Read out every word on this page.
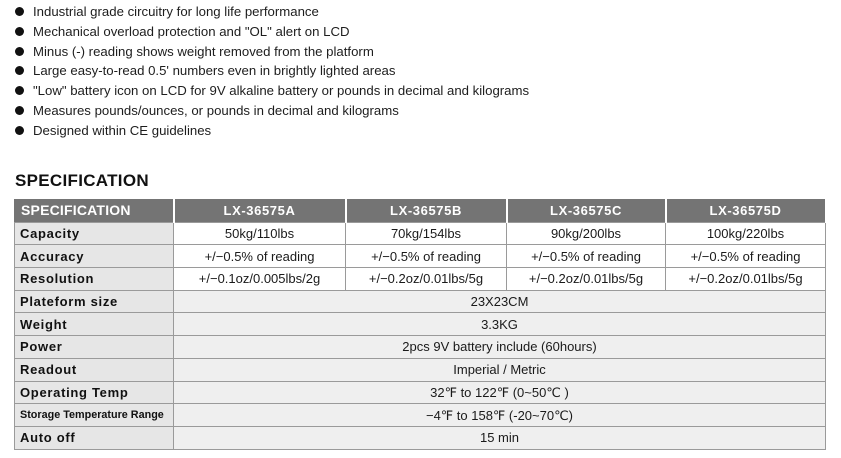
Industrial grade circuitry for long life performance
Mechanical overload protection and "OL" alert on LCD
Minus (-) reading shows weight removed from the platform
Large easy-to-read 0.5' numbers even in brightly lighted areas
"Low" battery icon on LCD for 9V alkaline battery or pounds in decimal and kilograms
Measures pounds/ounces, or pounds in decimal and kilograms
Designed within CE guidelines
SPECIFICATION
SPECIFICATION	LX-36575A	LX-36575B	LX-36575C	LX-36575D
Capacity	50kg/110lbs	70kg/154lbs	90kg/200lbs	100kg/220lbs
Accuracy	+/−0.5% of reading	+/−0.5% of reading	+/−0.5% of reading	+/−0.5% of reading
Resolution	+/−0.1oz/0.005lbs/2g	+/−0.2oz/0.01lbs/5g	+/−0.2oz/0.01lbs/5g	+/−0.2oz/0.01lbs/5g
Plateform size	23X23CM			
Weight	3.3KG			
Power	2pcs 9V battery include (60hours)			
Readout	Imperial / Metric			
Operating Temp	32℉ to 122℉ (0~50℃ )			
Storage Temperature Range	−4℉ to 158℉ (-20~70℃)			
Auto off	15 min			
